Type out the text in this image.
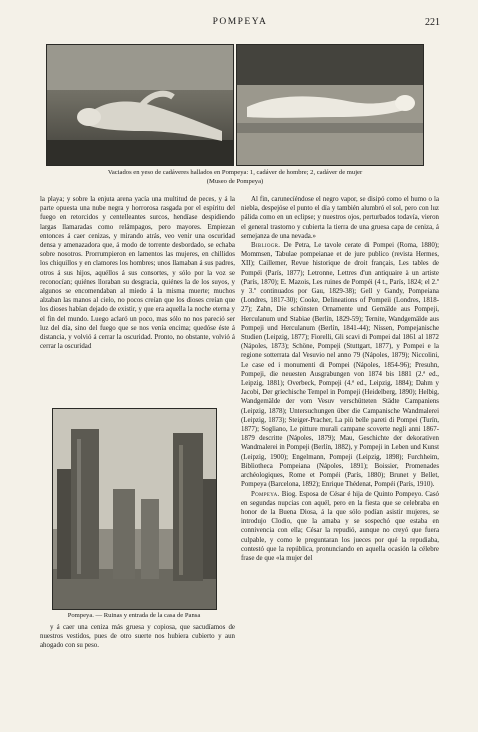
POMPEYA	221
Vaciados en yeso de cadáveres hallados en Pompeya: 1, cadáver de hombre; 2, cadáver de mujer
(Museo de Pompeya)

la playa; y sobre la enjuta arena yacía una multitud de peces, y á la parte opuesta una nube negra y horrorosa rasgada por el espíritu del fuego en retorcidos y centelleantes surcos, hendíase despidiendo largas llamaradas como relámpagos, pero mayores. Empiezan entonces á caer cenizas, y mirando atrás, veo venir una oscuridad densa y amenazadora que, á modo de torrente desbordado, se echaba sobre nosotros. Prorrumpieron en lamentos las mujeres, en chillidos los chiquillos y en clamores los hombres; unos llamaban á sus padres, otros á sus hijos, aquéllos á sus consortes, y sólo por la voz se reconocían; quiénes lloraban su desgracia, quiénes la de los suyos, y algunos se encomendaban al miedo á la misma muerte; muchos alzaban las manos al cielo, no pocos creían que los dioses creían que los dioses habían dejado de existir, y que era aquella la noche eterna y el fin del mundo. Luego aclaró un poco, mas sólo no nos pareció ser luz del día, sino del fuego que se nos venía encima; quedóse éste á distancia, y volvió á cerrar la oscuridad. Pronto, no obstante, volvió á cerrar la oscuridad

Pompeya. — Ruinas y entrada de la casa de Pansa

y á caer una ceniza más gruesa y copiosa, que sacudíamos de nuestros vestidos, pues de otro suerte nos hubiera cubierto y aun ahogado con su peso.

Al fin, carunecíéndose el negro vapor, se disipó como el humo o la niebla, despejóse el punto el día y también alumbró el sol, pero con luz pálida como en un eclipse; y nuestros ojos, perturbados todavía, vieron el general trastorno y cubierta la tierra de una gruesa capa de ceniza, á semejanza de una nevada.»

Bibliogr. De Petra, Le tavole cerate di Pompei (Roma, 1880); Mommsen, Tabulae pompeianae et de jure publico (revista Hermes, XII); Caillemer, Revue historique de droit français, Les tables de Pompéi (París, 1877); Letronne, Lettres d'un antiquaire à un artiste (París, 1870); E. Mazois, Les ruines de Pompéi (4 t., París, 1824; el 2.º y 3.º continuados por Gau, 1829-38); Gell y Gandy, Pompeiana (Londres, 1817-30); Cooke, Delineations of Pompeii (Londres, 1818-27); Zahn, Die schönsten Ornamente und Gemälde aus Pompeji, Herculanum und Stabiae (Berlín, 1829-59); Ternite, Wandgemälde aus Pompeji und Herculanum (Berlín, 1841-44); Nissen, Pompejanische Studien (Leipzig, 1877); Fiorelli, Gli scavi di Pompei dal 1861 al 1872 (Nápoles, 1873); Schöne, Pompeji (Stuttgart, 1877), y Pompei e la regione sotterrata dal Vesuvio nel anno 79 (Nápoles, 1879); Niccolini, Le case ed i monumenti di Pompei (Nápoles, 1854-96); Presuhn, Pompeji, die neuesten Ausgrabungen von 1874 bis 1881 (2.ª ed., Leipzig, 1881); Overbeck, Pompeji (4.ª ed., Leipzig, 1884); Dahm y Jacobi, Der griechische Tempel in Pompeji (Heidelberg, 1890); Helbig, Wandgemälde der vom Vesuv verschütteten Städte Campaniens (Leipzig, 1878); Untersuchungen über die Campanische Wandmalerei (Leipzig, 1873); Steiger-Pracher, La più belle pareti di Pompei (Turín, 1877); Sogliano, Le pitture murali campane scoverte negli anni 1867-1879 descritte (Nápoles, 1879); Mau, Geschichte der dekorativen Wandmalerei in Pompeji (Berlín, 1882), y Pompeji in Leben und Kunst (Leipzig, 1900); Engelmann, Pompeji (Leipzig, 1898); Furchheim, Bibliotheca Pompeiana (Nápoles, 1891); Boissier, Promenades archéologiques, Rome et Pompéi (París, 1880); Brunet y Bellet, Pompeya (Barcelona, 1892); Enrique Thédenat, Pompéi (París, 1910).

Pompeya. Biog. Esposa de César é hija de Quinto Pompeyo. Casó en segundas nupcias con aquél, pero en la fiesta que se celebraba en honor de la Buena Diosa, á la que sólo podían asistir mujeres, se introdujo Clodio, que la amaba y se sospechó que estaba en connivencia con ella; César la repudió, aunque no creyó que fuera culpable, y como le preguntaran los jueces por qué la repudiaba, contestó que la república, pronunciando en aquella ocasión la célebre frase de que «la mujer del
